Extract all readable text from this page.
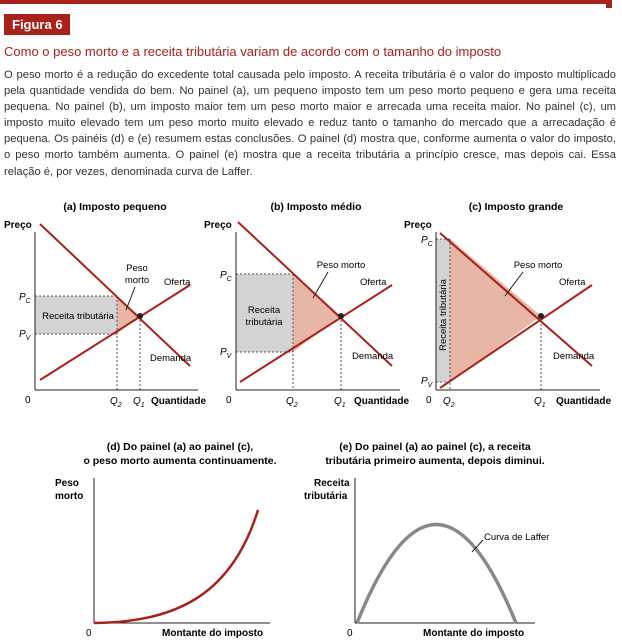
Figura 6
Como o peso morto e a receita tributária variam de acordo com o tamanho do imposto

O peso morto é a redução do excedente total causada pelo imposto. A receita tributária é o valor do imposto multiplicado pela quantidade vendida do bem. No painel (a), um pequeno imposto tem um peso morto pequeno e gera uma receita pequena. No painel (b), um imposto maior tem um peso morto maior e arrecada uma receita maior. No painel (c), um imposto muito elevado tem um peso morto muito elevado e reduz tanto o tamanho do mercado que a arrecadação é pequena. Os painéis (d) e (e) resumem estas conclusões. O painel (d) mostra que, conforme aumenta o valor do imposto, o peso morto também aumenta. O painel (e) mostra que a receita tributária a princípio cresce, mas depois cai. Essa relação é, por vezes, denominada curva de Laffer.

(a) Imposto pequeno
Preço
Receita tributária
Peso
morto Oferta
Demanda
$P_C$
$P_V$
0	$Q_2$ $Q_1$ Quantidade
(b) Imposto médio
Preço
Receita
tributária
Peso morto
Oferta
Demanda
$P_C$
$P_V$
0	$Q_2$	$Q_1$ Quantidade
(c) Imposto grande
Preço
Receita tributária
Peso morto
Oferta
Demanda
$P_C$
$P_V$
0 $Q_2$	$Q_1$ Quantidade
(d) Do painel (a) ao painel (c),
o peso morto aumenta continuamente.
Peso
morto
0	Montante do imposto
(e) Do painel (a) ao painel (c), a receita
tributária primeiro aumenta, depois diminui.
Receita
tributária
Curva de Laffer
0	Montante do imposto
